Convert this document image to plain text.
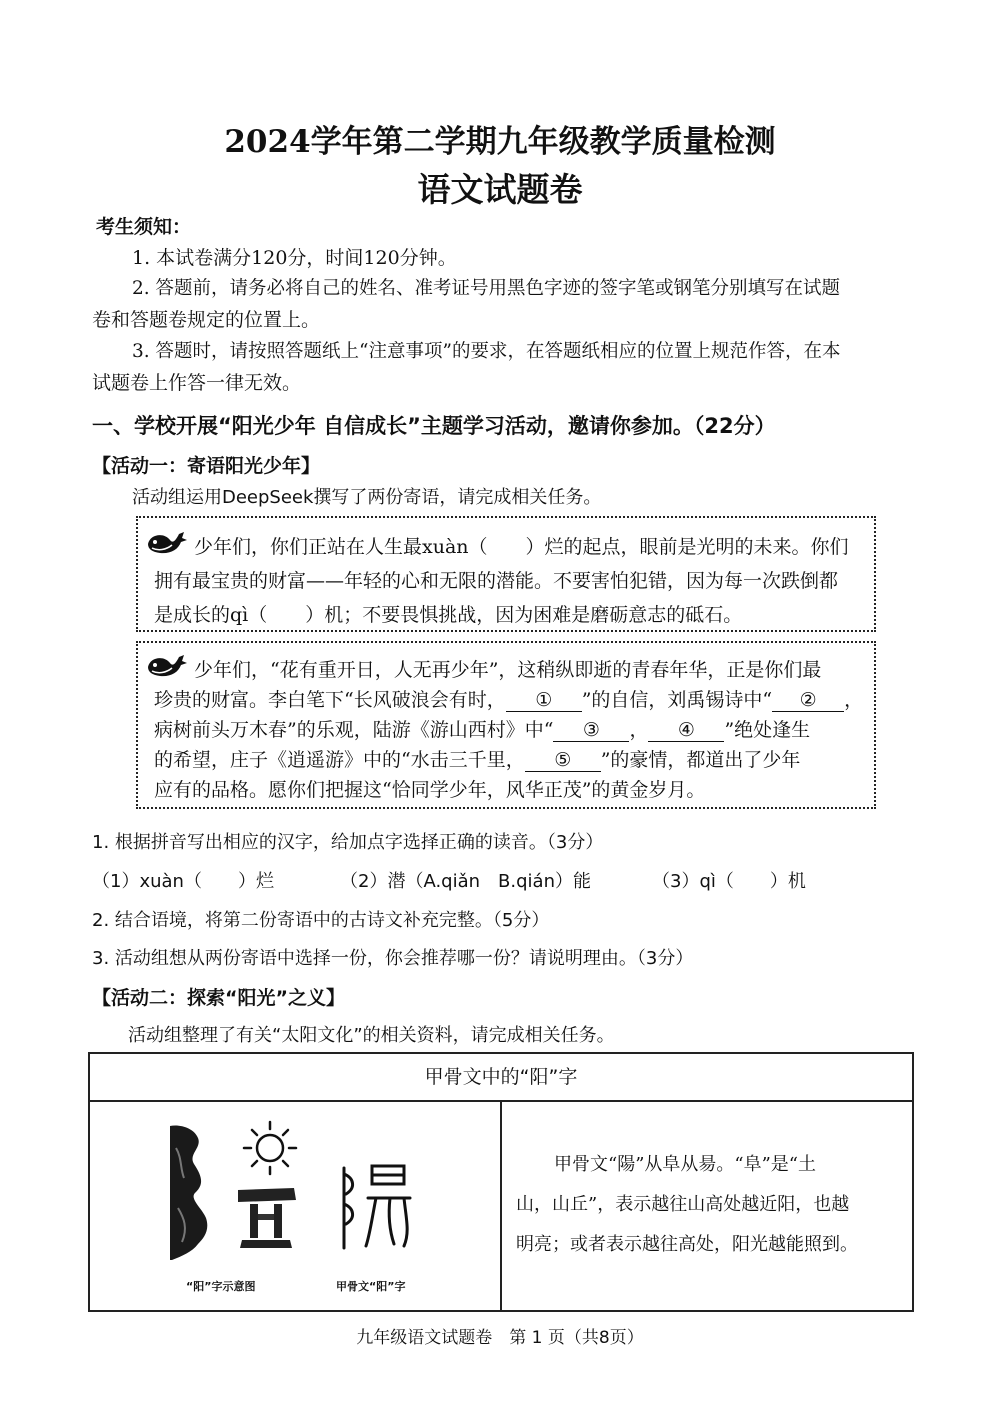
2024学年第二学期九年级教学质量检测
语文试题卷
考生须知：
1. 本试卷满分120分，时间120分钟。
2. 答题前，请务必将自己的姓名、准考证号用黑色字迹的签字笔或钢笔分别填写在试题
卷和答题卷规定的位置上。
3. 答题时，请按照答题纸上“注意事项”的要求，在答题纸相应的位置上规范作答，在本
试题卷上作答一律无效。
一、学校开展“阳光少年 自信成长”主题学习活动，邀请你参加。（22分）
【活动一：寄语阳光少年】
活动组运用DeepSeek撰写了两份寄语，请完成相关任务。
少年们，你们正站在人生最xuàn（　　）烂的起点，眼前是光明的未来。你们
拥有最宝贵的财富——年轻的心和无限的潜能。不要害怕犯错，因为每一次跌倒都
是成长的qì（　　）机；不要畏惧挑战，因为困难是磨砺意志的砥石。
少年们，“花有重开日，人无再少年”，这稍纵即逝的青春年华，正是你们最
珍贵的财富。李白笔下“长风破浪会有时， ① ”的自信，刘禹锡诗中“ ② ，
病树前头万木春”的乐观，陆游《游山西村》中“ ③ ， ④ ”绝处逢生
的希望，庄子《逍遥游》中的“水击三千里， ⑤ ”的豪情，都道出了少年
应有的品格。愿你们把握这“恰同学少年，风华正茂”的黄金岁月。
1. 根据拼音写出相应的汉字，给加点字选择正确的读音。（3分）
（1）xuàn（　　）烂	（2）潜（A.qiǎn　B.qián）能	（3）qì（　　）机
2. 结合语境，将第二份寄语中的古诗文补充完整。（5分）
3. 活动组想从两份寄语中选择一份，你会推荐哪一份？请说明理由。（3分）
【活动二：探索“阳光”之义】
活动组整理了有关“太阳文化”的相关资料，请完成相关任务。
甲骨文中的“阳”字
“阳”字示意图	甲骨文“阳”字
甲骨文“陽”从阜从昜。“阜”是“土
山，山丘”，表示越往山高处越近阳，也越
明亮；或者表示越往高处，阳光越能照到。
九年级语文试题卷　第 1 页（共8页）
